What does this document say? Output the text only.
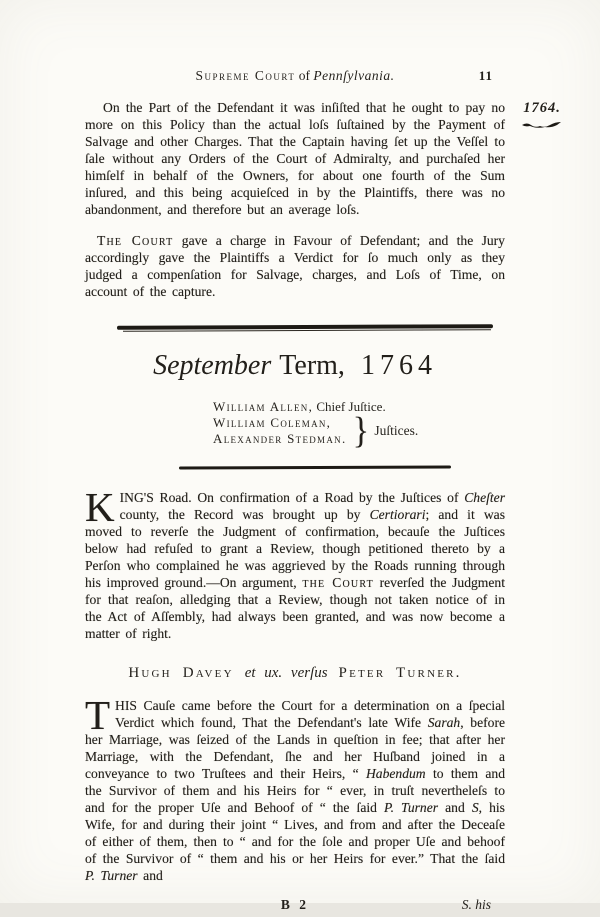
1764.
Supreme Court of Pennſylvania.	11

On the Part of the Defendant it was inſiſted that he ought to pay no more on this Policy than the actual loſs ſuſtained by the Payment of Salvage and other Charges. That the Captain having ſet up the Veſſel to ſale without any Orders of the Court of Admiralty, and purchaſed her himſelf in behalf of the Owners, for about one fourth of the Sum inſured, and this being acquieſced in by the Plaintiffs, there was no abandonment, and therefore but an average loſs.

The Court gave a charge in Favour of Defendant; and the Jury accordingly gave the Plaintiffs a Verdict for ſo much only as they judged a compenſation for Salvage, charges, and Loſs of Time, on account of the capture.

September Term, 1764
William Allen, Chief Juſtice.
William Coleman,
Alexander Stedman. } Juſtices.

KING'S Road. On confirmation of a Road by the Juſtices of Cheſter county, the Record was brought up by Certiorari; and it was moved to reverſe the Judgment of confirmation, becauſe the Juſtices below had refuſed to grant a Review, though petitioned thereto by a Perſon who complained he was aggrieved by the Roads running through his improved ground.—On argument, the Court reverſed the Judgment for that reaſon, alledging that a Review, though not taken notice of in the Act of Aſſembly, had always been granted, and was now become a matter of right.

Hugh Davey et ux. verſus Peter Turner.

THIS Cauſe came before the Court for a determination on a ſpecial Verdict which found, That the Defendant's late Wife Sarah, before her Marriage, was ſeized of the Lands in queſtion in fee; that after her Marriage, with the Defendant, ſhe and her Huſband joined in a conveyance to two Truſtees and their Heirs, “ Habendum to them and the Survivor of them and his Heirs for “ ever, in truſt nevertheleſs to and for the proper Uſe and Behoof of “ the ſaid P. Turner and S, his Wife, for and during their joint “ Lives, and from and after the Deceaſe of either of them, then to “ and for the ſole and proper Uſe and behoof of the Survivor of “ them and his or her Heirs for ever.” That the ſaid P. Turner and

B 2	S. his
